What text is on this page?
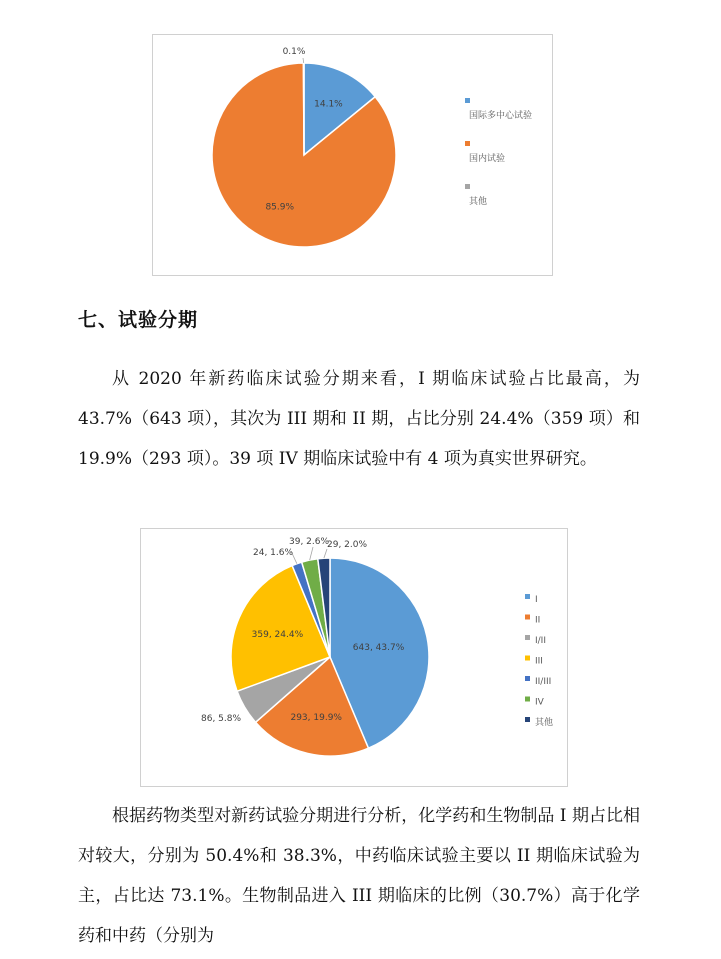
14.1%
85.9%
0.1%
国际多中心试验
国内试验
其他
七、试验分期

从 2020 年新药临床试验分期来看，I 期临床试验占比最高，为 43.7%（643 项），其次为 III 期和 II 期，占比分别 24.4%（359 项）和 19.9%（293 项）。39 项 IV 期临床试验中有 4 项为真实世界研究。

643, 43.7%
293, 19.9%
86, 5.8%
359, 24.4%
24, 1.6%
39, 2.6%
29, 2.0%
I
II
I/II
III
II/III
IV
其他

根据药物类型对新药试验分期进行分析，化学药和生物制品 I 期占比相对较大，分别为 50.4%和 38.3%，中药临床试验主要以 II 期临床试验为主，占比达 73.1%。生物制品进入 III 期临床的比例（30.7%）高于化学药和中药（分别为
